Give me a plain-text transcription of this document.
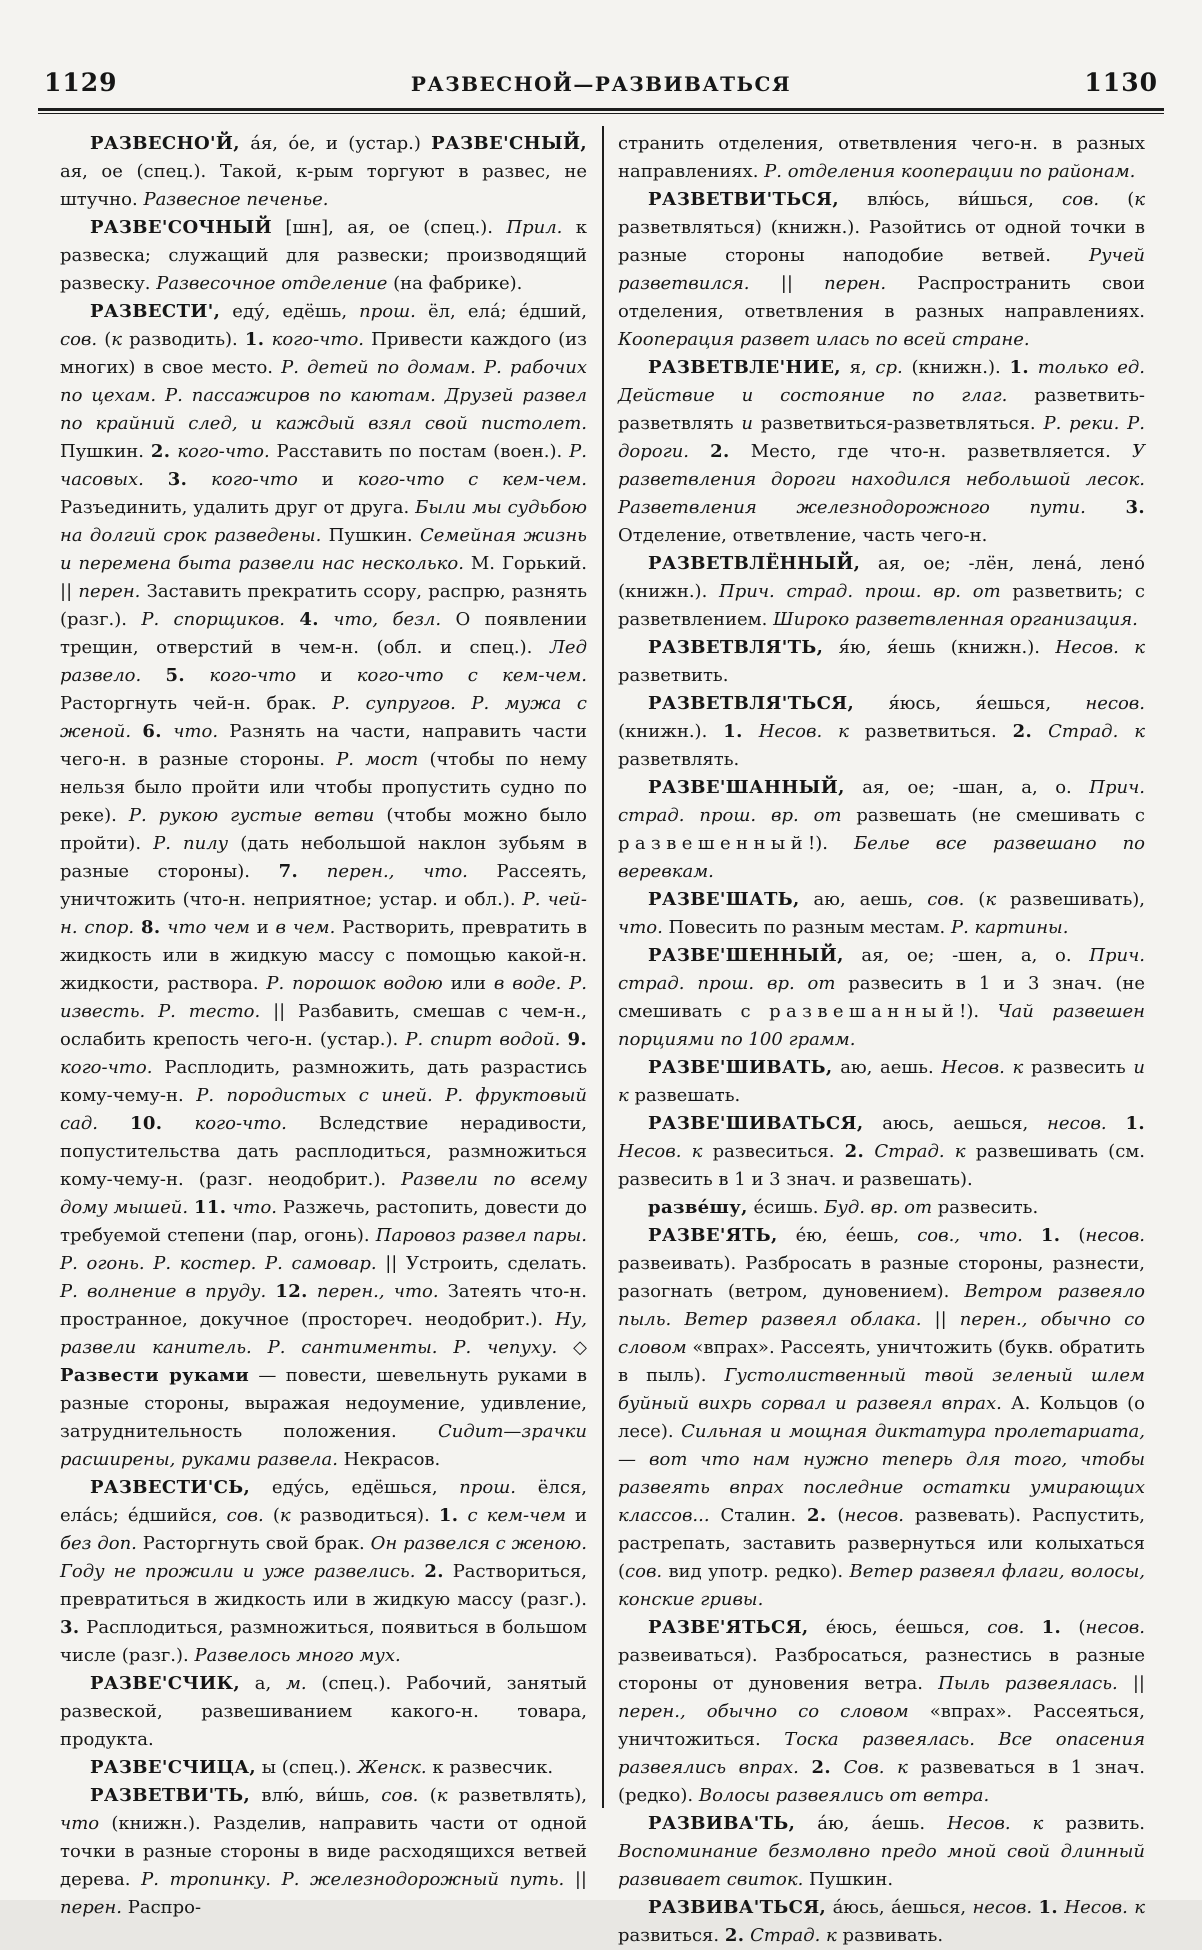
1129	РАЗВЕСНОЙ—РАЗВИВАТЬСЯ	1130

РАЗВЕСНО'Й, а́я, о́е, и (устар.) РАЗВЕ'СНЫЙ, ая, ое (спец.). Такой, к-рым торгуют в развес, не штучно. Развесное печенье.

РАЗВЕ'СОЧНЫЙ [шн], ая, ое (спец.). Прил. к развеска; служащий для развески; производящий развеску. Развесочное отделение (на фабрике).

РАЗВЕСТИ', еду́, едёшь, прош. ёл, ела́; е́дший, сов. (к разводить). 1. кого-что. Привести каждого (из многих) в свое место. Р. детей по домам. Р. рабочих по цехам. Р. пассажиров по каютам. Друзей развел по крайний след, и каждый взял свой пистолет. Пушкин. 2. кого-что. Расставить по постам (воен.). Р. часовых. 3. кого-что и кого-что с кем-чем. Разъединить, удалить друг от друга. Были мы судьбою на долгий срок разведены. Пушкин. Семейная жизнь и перемена быта развели нас несколько. М. Горький. || перен. Заставить прекратить ссору, распрю, разнять (разг.). Р. спорщиков. 4. что, безл. О появлении трещин, отверстий в чем-н. (обл. и спец.). Лед развело. 5. кого-что и кого-что с кем-чем. Расторгнуть чей-н. брак. Р. супругов. Р. мужа с женой. 6. что. Разнять на части, направить части чего-н. в разные стороны. Р. мост (чтобы по нему нельзя было пройти или чтобы пропустить судно по реке). Р. рукою густые ветви (чтобы можно было пройти). Р. пилу (дать небольшой наклон зубьям в разные стороны). 7. перен., что. Рассеять, уничтожить (что-н. неприятное; устар. и обл.). Р. чей-н. спор. 8. что чем и в чем. Растворить, превратить в жидкость или в жидкую массу с помощью какой-н. жидкости, раствора. Р. порошок водою или в воде. Р. известь. Р. тесто. || Разбавить, смешав с чем-н., ослабить крепость чего-н. (устар.). Р. спирт водой. 9. кого-что. Расплодить, размножить, дать разрастись кому-чему-н. Р. породистых с иней. Р. фруктовый сад. 10. кого-что. Вследствие нерадивости, попустительства дать расплодиться, размножиться кому-чему-н. (разг. неодобрит.). Развели по всему дому мышей. 11. что. Разжечь, растопить, довести до требуемой степени (пар, огонь). Паровоз развел пары. Р. огонь. Р. костер. Р. самовар. || Устроить, сделать. Р. волнение в пруду. 12. перен., что. Затеять что-н. пространное, докучное (простореч. неодобрит.). Ну, развели канитель. Р. сантименты. Р. чепуху. ◇ Развести руками — повести, шевельнуть руками в разные стороны, выражая недоумение, удивление, затруднительность положения. Сидит—зрачки расширены, руками развела. Некрасов.

РАЗВЕСТИ'СЬ, еду́сь, едёшься, прош. ёлся, ела́сь; е́дшийся, сов. (к разводиться). 1. с кем-чем и без доп. Расторгнуть свой брак. Он развелся с женою. Году не прожили и уже развелись. 2. Раствориться, превратиться в жидкость или в жидкую массу (разг.). 3. Расплодиться, размножиться, появиться в большом числе (разг.). Развелось много мух.

РАЗВЕ'СЧИК, а, м. (спец.). Рабочий, занятый развеской, развешиванием какого-н. товара, продукта.

РАЗВЕ'СЧИЦА, ы (спец.). Женск. к развесчик.

РАЗВЕТВИ'ТЬ, влю́, ви́шь, сов. (к разветвлять), что (книжн.). Разделив, направить части от одной точки в разные стороны в виде расходящихся ветвей дерева. Р. тропинку. Р. железнодорожный путь. || перен. Распро-

странить отделения, ответвления чего-н. в разных направлениях. Р. отделения кооперации по районам.

РАЗВЕТВИ'ТЬСЯ, влю́сь, ви́шься, сов. (к разветвляться) (книжн.). Разойтись от одной точки в разные стороны наподобие ветвей. Ручей разветвился. || перен. Распространить свои отделения, ответвления в разных направлениях. Кооперация развет илась по всей стране.

РАЗВЕТВЛЕ'НИЕ, я, ср. (книжн.). 1. только ед. Действие и состояние по глаг. разветвить-разветвлять и разветвиться-разветвляться. Р. реки. Р. дороги. 2. Место, где что-н. разветвляется. У разветвления дороги находился небольшой лесок. Разветвления железнодорожного пути. 3. Отделение, ответвление, часть чего-н.

РАЗВЕТВЛЁННЫЙ, ая, ое; -лён, лена́, лено́ (книжн.). Прич. страд. прош. вр. от разветвить; с разветвлением. Широко разветвленная организация.

РАЗВЕТВЛЯ'ТЬ, я́ю, я́ешь (книжн.). Несов. к разветвить.

РАЗВЕТВЛЯ'ТЬСЯ, я́юсь, я́ешься, несов. (книжн.). 1. Несов. к разветвиться. 2. Страд. к разветвлять.

РАЗВЕ'ШАННЫЙ, ая, ое; -шан, а, о. Прич. страд. прош. вр. от развешать (не смешивать с развешенный!). Белье все развешано по веревкам.

РАЗВЕ'ШАТЬ, аю, аешь, сов. (к развешивать), что. Повесить по разным местам. Р. картины.

РАЗВЕ'ШЕННЫЙ, ая, ое; -шен, а, о. Прич. страд. прош. вр. от развесить в 1 и 3 знач. (не смешивать с развешанный!). Чай развешен порциями по 100 грамм.

РАЗВЕ'ШИВАТЬ, аю, аешь. Несов. к развесить и к развешать.

РАЗВЕ'ШИВАТЬСЯ, аюсь, аешься, несов. 1. Несов. к развеситься. 2. Страд. к развешивать (см. развесить в 1 и 3 знач. и развешать).

разве́шу, е́сишь. Буд. вр. от развесить.

РАЗВЕ'ЯТЬ, е́ю, е́ешь, сов., что. 1. (несов. развеивать). Разбросать в разные стороны, разнести, разогнать (ветром, дуновением). Ветром развеяло пыль. Ветер развеял облака. || перен., обычно со словом «впрах». Рассеять, уничтожить (букв. обратить в пыль). Густолиственный твой зеленый шлем буйный вихрь сорвал и развеял впрах. А. Кольцов (о лесе). Сильная и мощная диктатура пролетариата, — вот что нам нужно теперь для того, чтобы развеять впрах последние остатки умирающих классов... Сталин. 2. (несов. развевать). Распустить, растрепать, заставить развернуться или колыхаться (сов. вид употр. редко). Ветер развеял флаги, волосы, конские гривы.

РАЗВЕ'ЯТЬСЯ, е́юсь, е́ешься, сов. 1. (несов. развеиваться). Разбросаться, разнестись в разные стороны от дуновения ветра. Пыль развеялась. || перен., обычно со словом «впрах». Рассеяться, уничтожиться. Тоска развеялась. Все опасения развеялись впрах. 2. Сов. к развеваться в 1 знач. (редко). Волосы развеялись от ветра.

РАЗВИВА'ТЬ, а́ю, а́ешь. Несов. к развить. Воспоминание безмолвно предо мной свой длинный развивает свиток. Пушкин.

РАЗВИВА'ТЬСЯ, а́юсь, а́ешься, несов. 1. Несов. к развиться. 2. Страд. к развивать.
